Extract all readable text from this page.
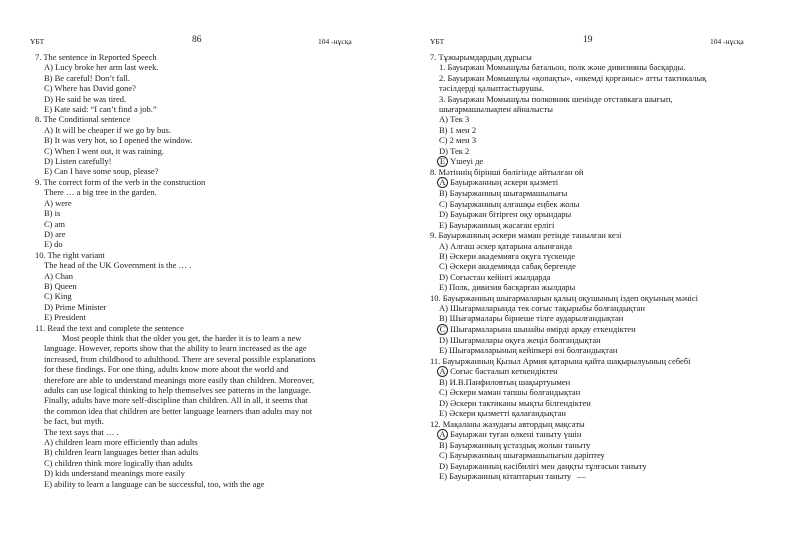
ҰБТ	86	104 -нұсқа
7. The sentence in Reported Speech
A) Lucy broke her arm last week.
B) Be careful! Don’t fall.
C) Where has David gone?
D) He said he was tired.
E) Kate said: “I can’t find a job.”
8. The Conditional sentence
A) It will be cheaper if we go by bus.
B) It was very hot, so I opened the window.
C) When I went out, it was raining.
D) Listen carefully!
E) Can I have some soup, please?
9. The correct form of the verb in the construction
There … a big tree in the garden.
A) were
B) is
C) am
D) are
E) do
10. The right variant
The head of the UK Government is the … .
A) Chan
B) Queen
C) King
D) Prime Minister
E) President
11. Read the text and complete the sentence
Most people think that the older you get, the harder it is to learn a new
language. However, reports show that the ability to learn increased as the age
increased, from childhood to adulthood. There are several possible explanations
for these findings. For one thing, adults know more about the world and
therefore are able to understand meanings more easily than children. Moreover,
adults can use logical thinking to help themselves see patterns in the language.
Finally, adults have more self-discipline than children. All in all, it seems that
the common idea that children are better language learners than adults may not
be fact, but myth.
The text says that … .
A) children learn more efficiently than adults
B) children learn languages better than adults
C) children think more logically than adults
D) kids understand meanings more easily
E) ability to learn a language can be successful, too, with the age
ҰБТ	19	104 -нұсқа
7. Тұжырымдардың дұрысы
1. Бауыржан Момышұлы батальон, полк және дивизияны басқарды.
2. Бауыржан Момышұлы «қопақты», «икемді қорғаныс» атты тактикалық
тәсілдерді қалыптастырушы.
3. Бауыржан Момышұлы полковник шенінде отставкаға шығып,
шығармашылықпен айналысты
A) Тек 3
B) 1 мен 2
C) 2 мен 3
D) Тек 2
E Үшеуі де
8. Мәтіннің бірінші бөлігінде айтылған ой
A Бауыржанның әскери қызметі
B) Бауыржанның шығармашылығы
C) Бауыржанның алғашқы еңбек жолы
D) Бауыржан бітірген оқу орындары
E) Бауыржанның жасаған ерлігі
9. Бауыржанның әскери маман ретінде танылған кезі
A) Алғаш әскер қатарына алынғанда
B) Әскери академияға оқуға түскенде
C) Әскери академияда сабақ бергенде
D) Соғыстан кейінгі жылдарда
E) Полк, дивизия басқарған жылдары
10. Бауыржанның шығармаларын қалың оқушының іздеп оқуының мәнісі
A) Шығармаларында тек соғыс тақырыбы болғандықтан
B) Шығармалары бірнеше тілге аударылғандықтан
C Шығармаларына шынайы өмірді арқау еткендіктен
D) Шығармалары оқуға жеңіл болғандықтан
E) Шығармаларының кейіпкері өзі болғандықтан
11. Бауыржанның Қызыл Армия қатарына қайта шақырылуының себебі
A Соғыс басталып кеткендіктен
B) И.В.Панфиловтың шақыртуымен
C) Әскери маман тапшы болғандықтан
D) Әскери тактиканы мықты білгендіктен
E) Әскери қызметті қалағандықтан
12. Мақаланы жазудағы автордың мақсаты
A Бауыржан туған өлкені таныту үшін
B) Бауыржанның ұстаздық жолын таныту
C) Бауыржанның шығармашылығын дәріптеу
D) Бауыржанның кәсібилігі мен даңқты тұлғасын таныту
E) Бауыржанның кітаптарын таныту —
